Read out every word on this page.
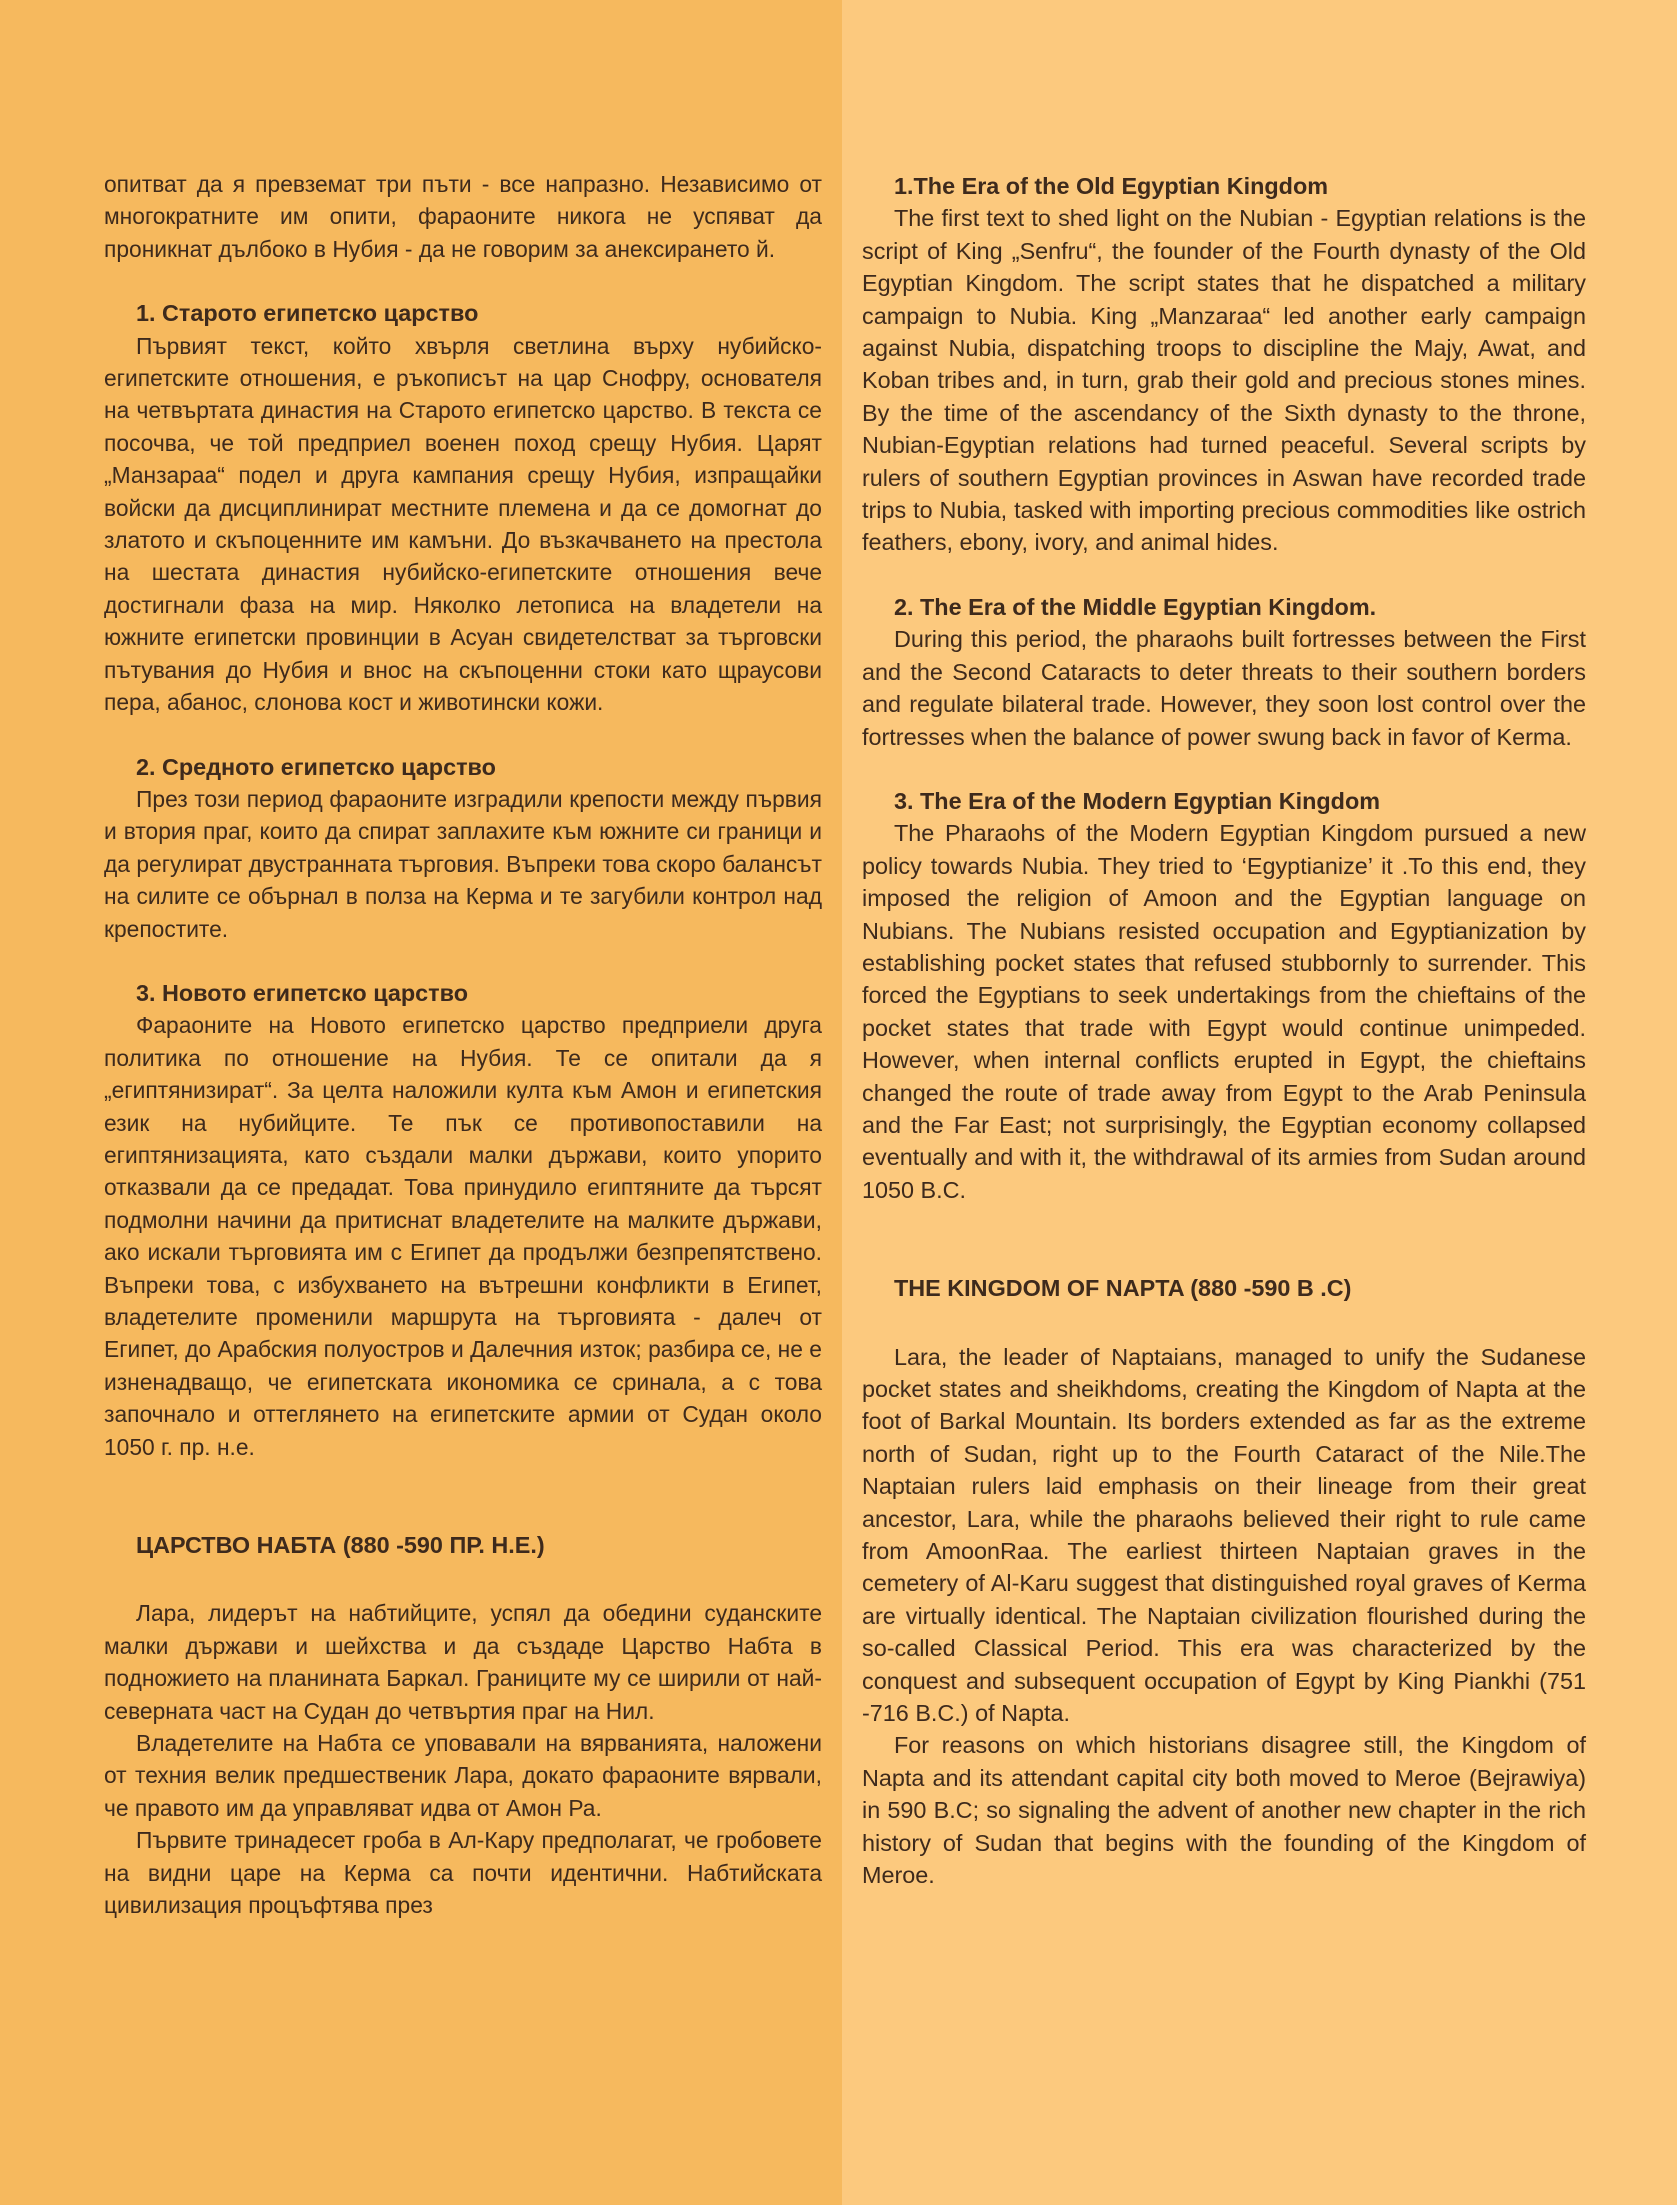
опитват да я превземат три пъти - все напразно. Независимо от многократните им опити, фараоните никога не успяват да проникнат дълбоко в Нубия - да не говорим за анексирането й.

1. Старото египетско царство

Първият текст, който хвърля светлина върху нубийско-египетските отношения, е ръкописът на цар Снофру, основателя на четвъртата династия на Старото египетско царство. В текста се посочва, че той предприел военен поход срещу Нубия. Царят „Манзараа“ подел и друга кампания срещу Нубия, изпращайки войски да дисциплинират местните племена и да се домогнат до златото и скъпоценните им камъни. До възкачването на престола на шестата династия нубийско-египетските отношения вече достигнали фаза на мир. Няколко летописа на владетели на южните египетски провинции в Асуан свидетелстват за търговски пътувания до Нубия и внос на скъпоценни стоки като щраусови пера, абанос, слонова кост и животински кожи.

2. Средното египетско царство

През този период фараоните изградили крепости между първия и втория праг, които да спират заплахите към южните си граници и да регулират двустранната търговия. Въпреки това скоро балансът на силите се обърнал в полза на Керма и те загубили контрол над крепостите.

3. Новото египетско царство

Фараоните на Новото египетско царство предприели друга политика по отношение на Нубия. Те се опитали да я „египтянизират“. За целта наложили култа към Амон и египетския език на нубийците. Те пък се противопоставили на египтянизацията, като създали малки държави, които упорито отказвали да се предадат. Това принудило египтяните да търсят подмолни начини да притиснат владетелите на малките държави, ако искали търговията им с Египет да продължи безпрепятствено. Въпреки това, с избухването на вътрешни конфликти в Египет, владетелите променили маршрута на търговията - далеч от Египет, до Арабския полуостров и Далечния изток; разбира се, не е изненадващо, че египетската икономика се сринала, а с това започнало и оттеглянето на египетските армии от Судан около 1050 г. пр. н.е.

ЦАРСТВО НАБТА (880 -590 ПР. Н.Е.)

Лара, лидерът на набтийците, успял да обедини суданските малки държави и шейхства и да създаде Царство Набта в подножието на планината Баркал. Границите му се ширили от най- северната част на Судан до четвъртия праг на Нил.

Владетелите на Набта се уповавали на вярванията, наложени от техния велик предшественик Лара, докато фараоните вярвали, че правото им да управляват идва от Амон Ра.

Първите тринадесет гроба в Ал-Кару предполагат, че гробовете на видни царе на Керма са почти идентични. Набтийската цивилизация процъфтява през

1.The Era of the Old Egyptian Kingdom

The first text to shed light on the Nubian - Egyptian relations is the script of King „Senfru“, the founder of the Fourth dynasty of the Old Egyptian Kingdom. The script states that he dispatched a military campaign to Nubia. King „Manzaraa“ led another early campaign against Nubia, dispatching troops to discipline the Majy, Awat, and Koban tribes and, in turn, grab their gold and precious stones mines. By the time of the ascendancy of the Sixth dynasty to the throne, Nubian-Egyptian relations had turned peaceful. Several scripts by rulers of southern Egyptian provinces in Aswan have recorded trade trips to Nubia, tasked with importing precious commodities like ostrich feathers, ebony, ivory, and animal hides.

2. The Era of the Middle Egyptian Kingdom.

During this period, the pharaohs built fortresses between the First and the Second Cataracts to deter threats to their southern borders and regulate bilateral trade. However, they soon lost control over the fortresses when the balance of power swung back in favor of Kerma.

3. The Era of the Modern Egyptian Kingdom

The Pharaohs of the Modern Egyptian Kingdom pursued a new policy towards Nubia. They tried to ‘Egyptianize’ it .To this end, they imposed the religion of Amoon and the Egyptian language on Nubians. The Nubians resisted occupation and Egyptianization by establishing pocket states that refused stubbornly to surrender. This forced the Egyptians to seek undertakings from the chieftains of the pocket states that trade with Egypt would continue unimpeded. However, when internal conflicts erupted in Egypt, the chieftains changed the route of trade away from Egypt to the Arab Peninsula and the Far East; not surprisingly, the Egyptian economy collapsed eventually and with it, the withdrawal of its armies from Sudan around 1050 B.C.

THE KINGDOM OF NAPTA (880 -590 B .C)

Lara, the leader of Naptaians, managed to unify the Sudanese pocket states and sheikhdoms, creating the Kingdom of Napta at the foot of Barkal Mountain. Its borders extended as far as the extreme north of Sudan, right up to the Fourth Cataract of the Nile.The Naptaian rulers laid emphasis on their lineage from their great ancestor, Lara, while the pharaohs believed their right to rule came from AmoonRaa. The earliest thirteen Naptaian graves in the cemetery of Al-Karu suggest that distinguished royal graves of Kerma are virtually identical. The Naptaian civilization flourished during the so-called Classical Period. This era was characterized by the conquest and subsequent occupation of Egypt by King Piankhi (751 -716 B.C.) of Napta.

For reasons on which historians disagree still, the Kingdom of Napta and its attendant capital city both moved to Meroe (Bejrawiya) in 590 B.C; so signaling the advent of another new chapter in the rich history of Sudan that begins with the founding of the Kingdom of Meroe.
